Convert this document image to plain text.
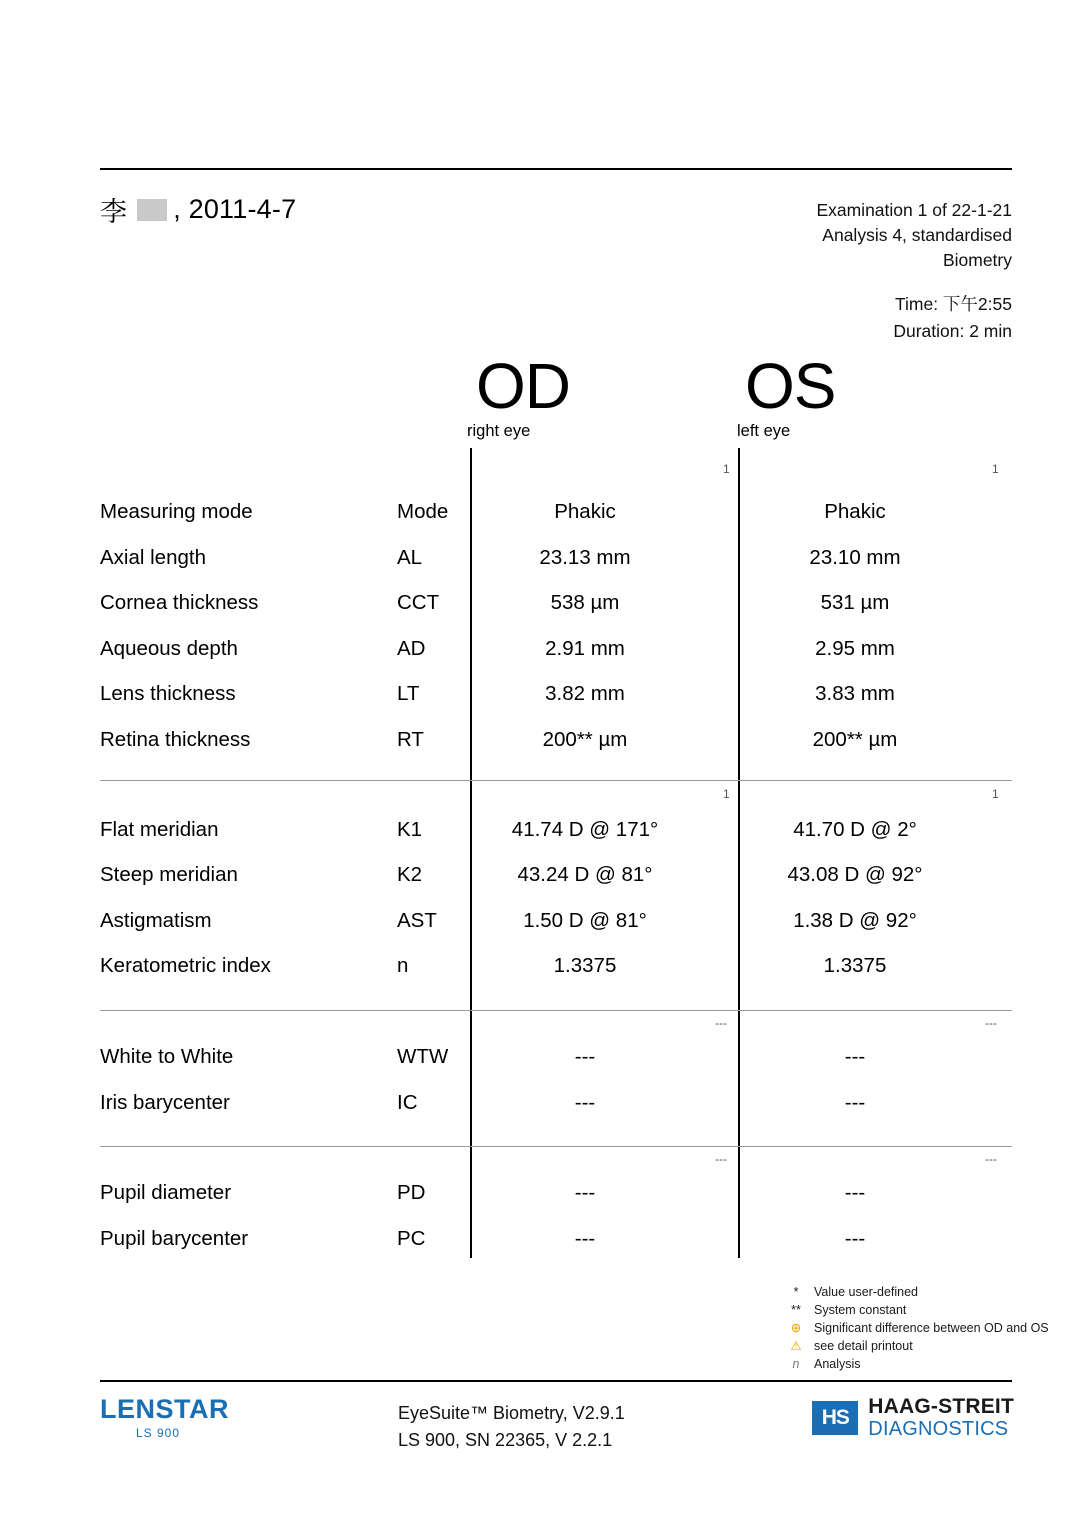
李 , 2011-4-7	Examination 1 of 22-1-21
Analysis 4, standardised
Biometry
Time: 下午2:55
Duration: 2 min
OD
right eye
OS
left eye
1	1
1	1
---	---
---	---
Measuring mode	Mode	Phakic	Phakic
Axial length	AL	23.13 mm	23.10 mm
Cornea thickness	CCT	538 µm	531 µm
Aqueous depth	AD	2.91 mm	2.95 mm
Lens thickness	LT	3.82 mm	3.83 mm
Retina thickness	RT	200** µm	200** µm
Flat meridian	K1	41.74 D @ 171°	41.70 D @ 2°
Steep meridian	K2	43.24 D @ 81°	43.08 D @ 92°
Astigmatism	AST	1.50 D @ 81°	1.38 D @ 92°
Keratometric index	n	1.3375	1.3375
White to White	WTW	---	---
Iris barycenter	IC	---	---
Pupil diameter	PD	---	---
Pupil barycenter	PC	---	---
*	Value user-defined
**	System constant
⊕	Significant difference between OD and OS
⚠ see detail printout
n	Analysis
LENSTAR
LS 900
EyeSuite™ Biometry, V2.9.1
LS 900, SN 22365, V 2.2.1
HS HAAG-STREIT
DIAGNOSTICS
